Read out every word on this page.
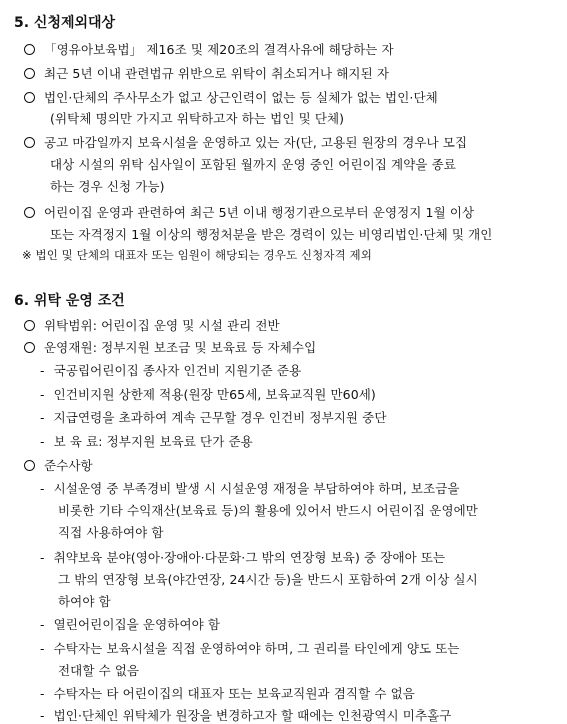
5. 신청제외대상
「영유아보육법」 제16조 및 제20조의 결격사유에 해당하는 자
최근 5년 이내 관련법규 위반으로 위탁이 취소되거나 해지된 자
법인·단체의 주사무소가 없고 상근인력이 없는 등 실체가 없는 법인·단체
(위탁체 명의만 가지고 위탁하고자 하는 법인 및 단체)
공고 마감일까지 보육시설을 운영하고 있는 자(단, 고용된 원장의 경우나 모집
대상 시설의 위탁 심사일이 포함된 월까지 운영 중인 어린이집 계약을 종료
하는 경우 신청 가능)
어린이집 운영과 관련하여 최근 5년 이내 행정기관으로부터 운영정지 1월 이상
또는 자격정지 1월 이상의 행정처분을 받은 경력이 있는 비영리법인·단체 및 개인
※ 법인 및 단체의 대표자 또는 임원이 해당되는 경우도 신청자격 제외
6. 위탁 운영 조건
위탁범위: 어린이집 운영 및 시설 관리 전반
운영재원: 정부지원 보조금 및 보육료 등 자체수입
- 국공립어린이집 종사자 인건비 지원기준 준용
- 인건비지원 상한제 적용(원장 만65세, 보육교직원 만60세)
- 지급연령을 초과하여 계속 근무할 경우 인건비 정부지원 중단
- 보 육 료: 정부지원 보육료 단가 준용
준수사항
- 시설운영 중 부족경비 발생 시 시설운영 재정을 부담하여야 하며, 보조금을
비롯한 기타 수익재산(보육료 등)의 활용에 있어서 반드시 어린이집 운영에만
직접 사용하여야 함
- 취약보육 분야(영아·장애아·다문화·그 밖의 연장형 보육) 중 장애아 또는
그 밖의 연장형 보육(야간연장, 24시간 등)을 반드시 포함하여 2개 이상 실시
하여야 함
- 열린어린이집을 운영하여야 함
- 수탁자는 보육시설을 직접 운영하여야 하며, 그 권리를 타인에게 양도 또는
전대할 수 없음
- 수탁자는 타 어린이집의 대표자 또는 보육교직원과 겸직할 수 없음
- 법인·단체인 위탁체가 원장을 변경하고자 할 때에는 인천광역시 미추홀구
